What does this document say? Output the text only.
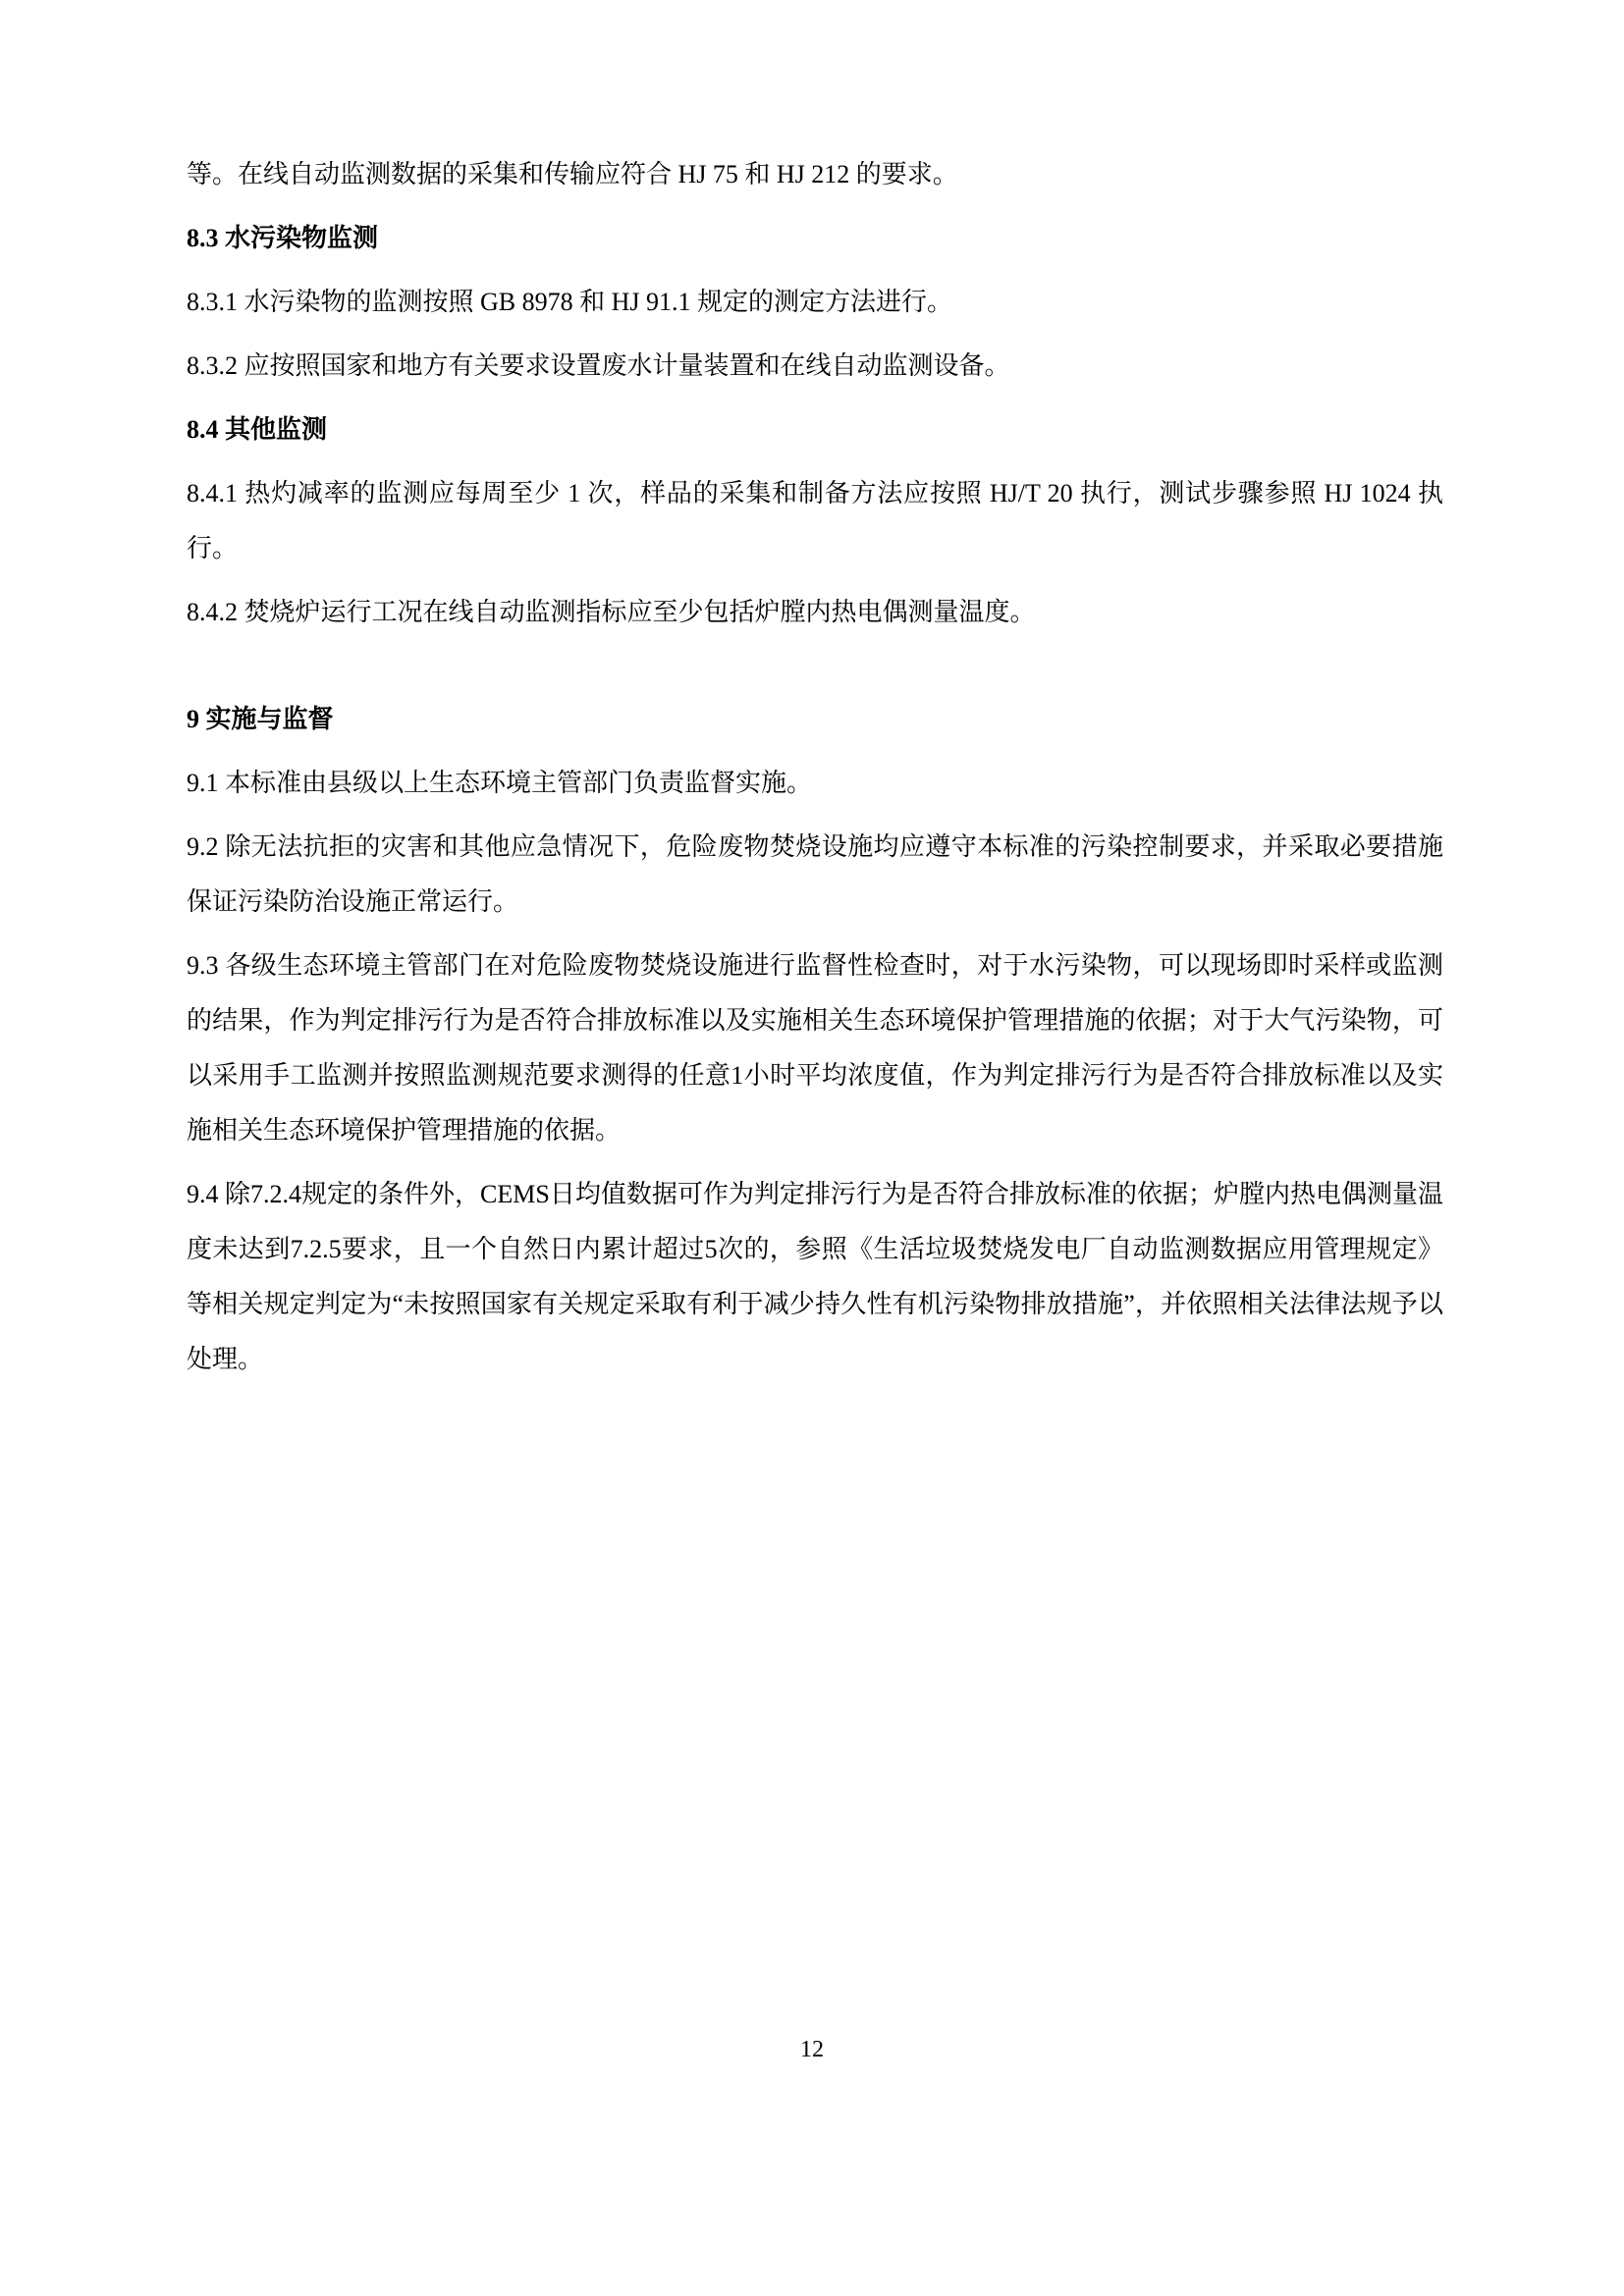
等。在线自动监测数据的采集和传输应符合 HJ 75 和 HJ 212 的要求。

8.3 水污染物监测

8.3.1 水污染物的监测按照 GB 8978 和 HJ 91.1 规定的测定方法进行。

8.3.2 应按照国家和地方有关要求设置废水计量装置和在线自动监测设备。

8.4 其他监测

8.4.1 热灼减率的监测应每周至少 1 次，样品的采集和制备方法应按照 HJ/T 20 执行，测试步骤参照 HJ 1024 执行。

8.4.2 焚烧炉运行工况在线自动监测指标应至少包括炉膛内热电偶测量温度。

9 实施与监督

9.1 本标准由县级以上生态环境主管部门负责监督实施。

9.2 除无法抗拒的灾害和其他应急情况下，危险废物焚烧设施均应遵守本标准的污染控制要求，并采取必要措施保证污染防治设施正常运行。

9.3 各级生态环境主管部门在对危险废物焚烧设施进行监督性检查时，对于水污染物，可以现场即时采样或监测的结果，作为判定排污行为是否符合排放标准以及实施相关生态环境保护管理措施的依据；对于大气污染物，可以采用手工监测并按照监测规范要求测得的任意1小时平均浓度值，作为判定排污行为是否符合排放标准以及实施相关生态环境保护管理措施的依据。

9.4 除7.2.4规定的条件外，CEMS日均值数据可作为判定排污行为是否符合排放标准的依据；炉膛内热电偶测量温度未达到7.2.5要求，且一个自然日内累计超过5次的，参照《生活垃圾焚烧发电厂自动监测数据应用管理规定》等相关规定判定为“未按照国家有关规定采取有利于减少持久性有机污染物排放措施”，并依照相关法律法规予以处理。

12
